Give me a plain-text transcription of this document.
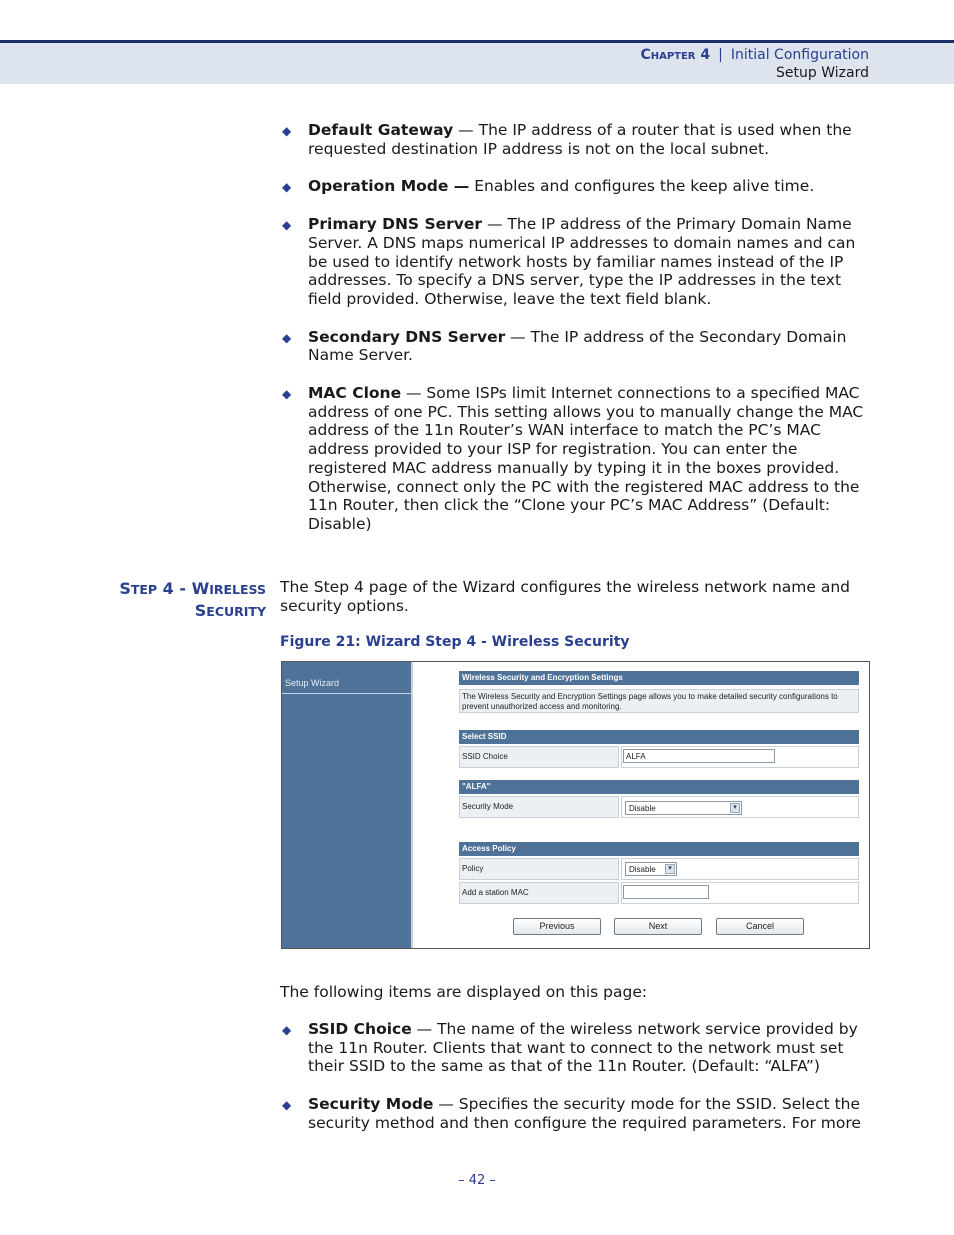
Chapter 4 | Initial Configuration
Setup Wizard
◆ Default Gateway — The IP address of a router that is used when the requested destination IP address is not on the local subnet.
◆ Operation Mode — Enables and configures the keep alive time.
◆ Primary DNS Server — The IP address of the Primary Domain Name Server. A DNS maps numerical IP addresses to domain names and can be used to identify network hosts by familiar names instead of the IP addresses. To specify a DNS server, type the IP addresses in the text field provided. Otherwise, leave the text field blank.
◆ Secondary DNS Server — The IP address of the Secondary Domain Name Server.
◆ MAC Clone — Some ISPs limit Internet connections to a specified MAC address of one PC. This setting allows you to manually change the MAC address of the 11n Router’s WAN interface to match the PC’s MAC address provided to your ISP for registration. You can enter the registered MAC address manually by typing it in the boxes provided. Otherwise, connect only the PC with the registered MAC address to the 11n Router, then click the “Clone your PC’s MAC Address” (Default: Disable)
STEP 4 - WIRELESS
SECURITY
The Step 4 page of the Wizard configures the wireless network name and security options.
Figure 21: Wizard Step 4 - Wireless Security
Setup Wizard
Wireless Security and Encryption Settings
The Wireless Security and Encryption Settings page allows you to make detailed security configurations to prevent unauthorized access and monitoring.
Select SSID
SSID Choice	ALFA
"ALFA"
Security Mode	Disable	▾
Access Policy
Policy	Disable	▾
Add a station MAC
Previous	Next	Cancel
The following items are displayed on this page:
◆ SSID Choice — The name of the wireless network service provided by the 11n Router. Clients that want to connect to the network must set their SSID to the same as that of the 11n Router. (Default: “ALFA”)
◆ Security Mode — Specifies the security mode for the SSID. Select the security method and then configure the required parameters. For more
– 42 –
